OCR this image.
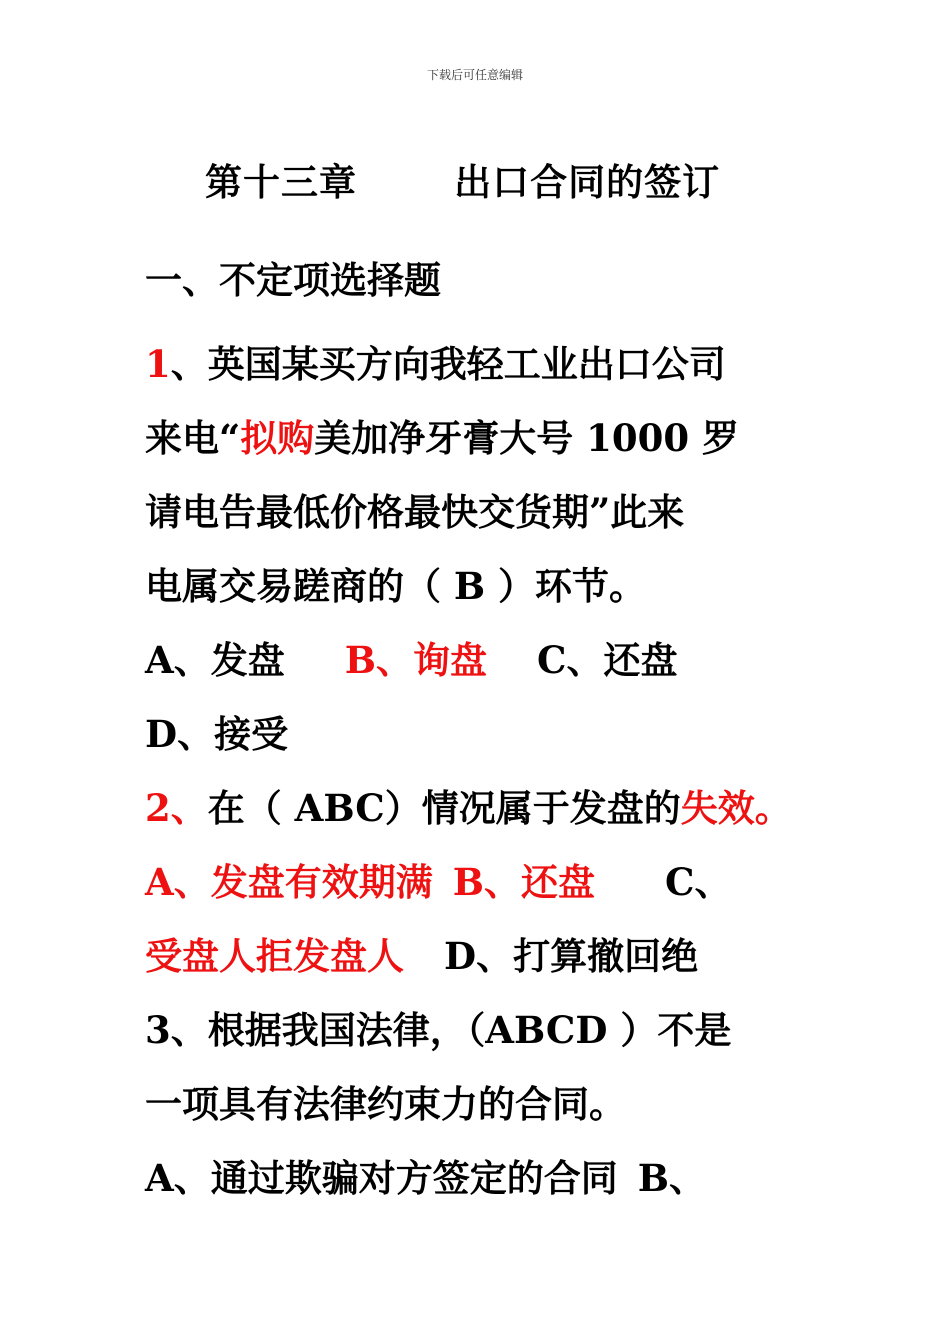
下载后可任意编辑
第十三章       出口合同的签订
一、不定项选择题
1、英国某买方向我轻工业出口公司
来电“拟购美加净牙膏大号 1000 罗
请电告最低价格最快交货期”此来
电属交易蹉商的（ B ）环节。
A、发盘 B、询盘 C、还盘
D、接受
2、在（ ABC）情况属于发盘的失效。
A、发盘有效期满 B、还盘 C、
受盘人拒发盘人 D、打算撤回绝
3、根据我国法律，（ABCD ）不是
一项具有法律约束力的合同。
A、通过欺骗对方签定的合同 B、
